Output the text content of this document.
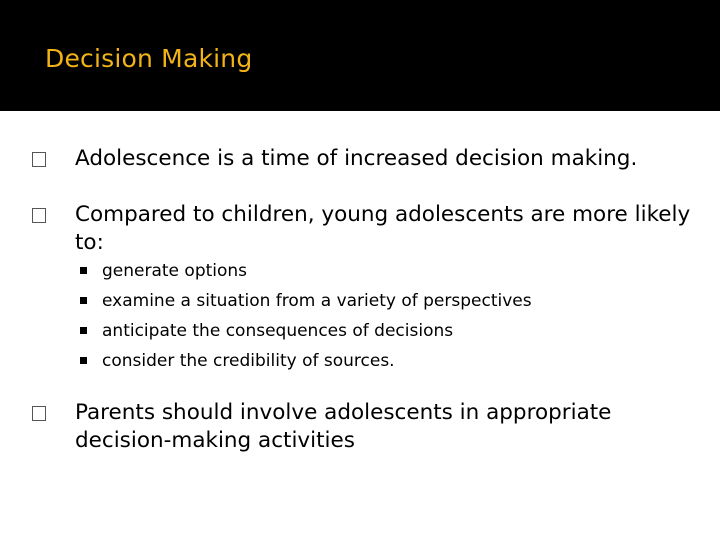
Decision Making
Adolescence is a time of increased decision making.
Compared to children, young adolescents are more likely to:
generate options
examine a situation from a variety of perspectives
anticipate the consequences of decisions
consider the credibility of sources.
Parents should involve adolescents in appropriate decision-making activities
